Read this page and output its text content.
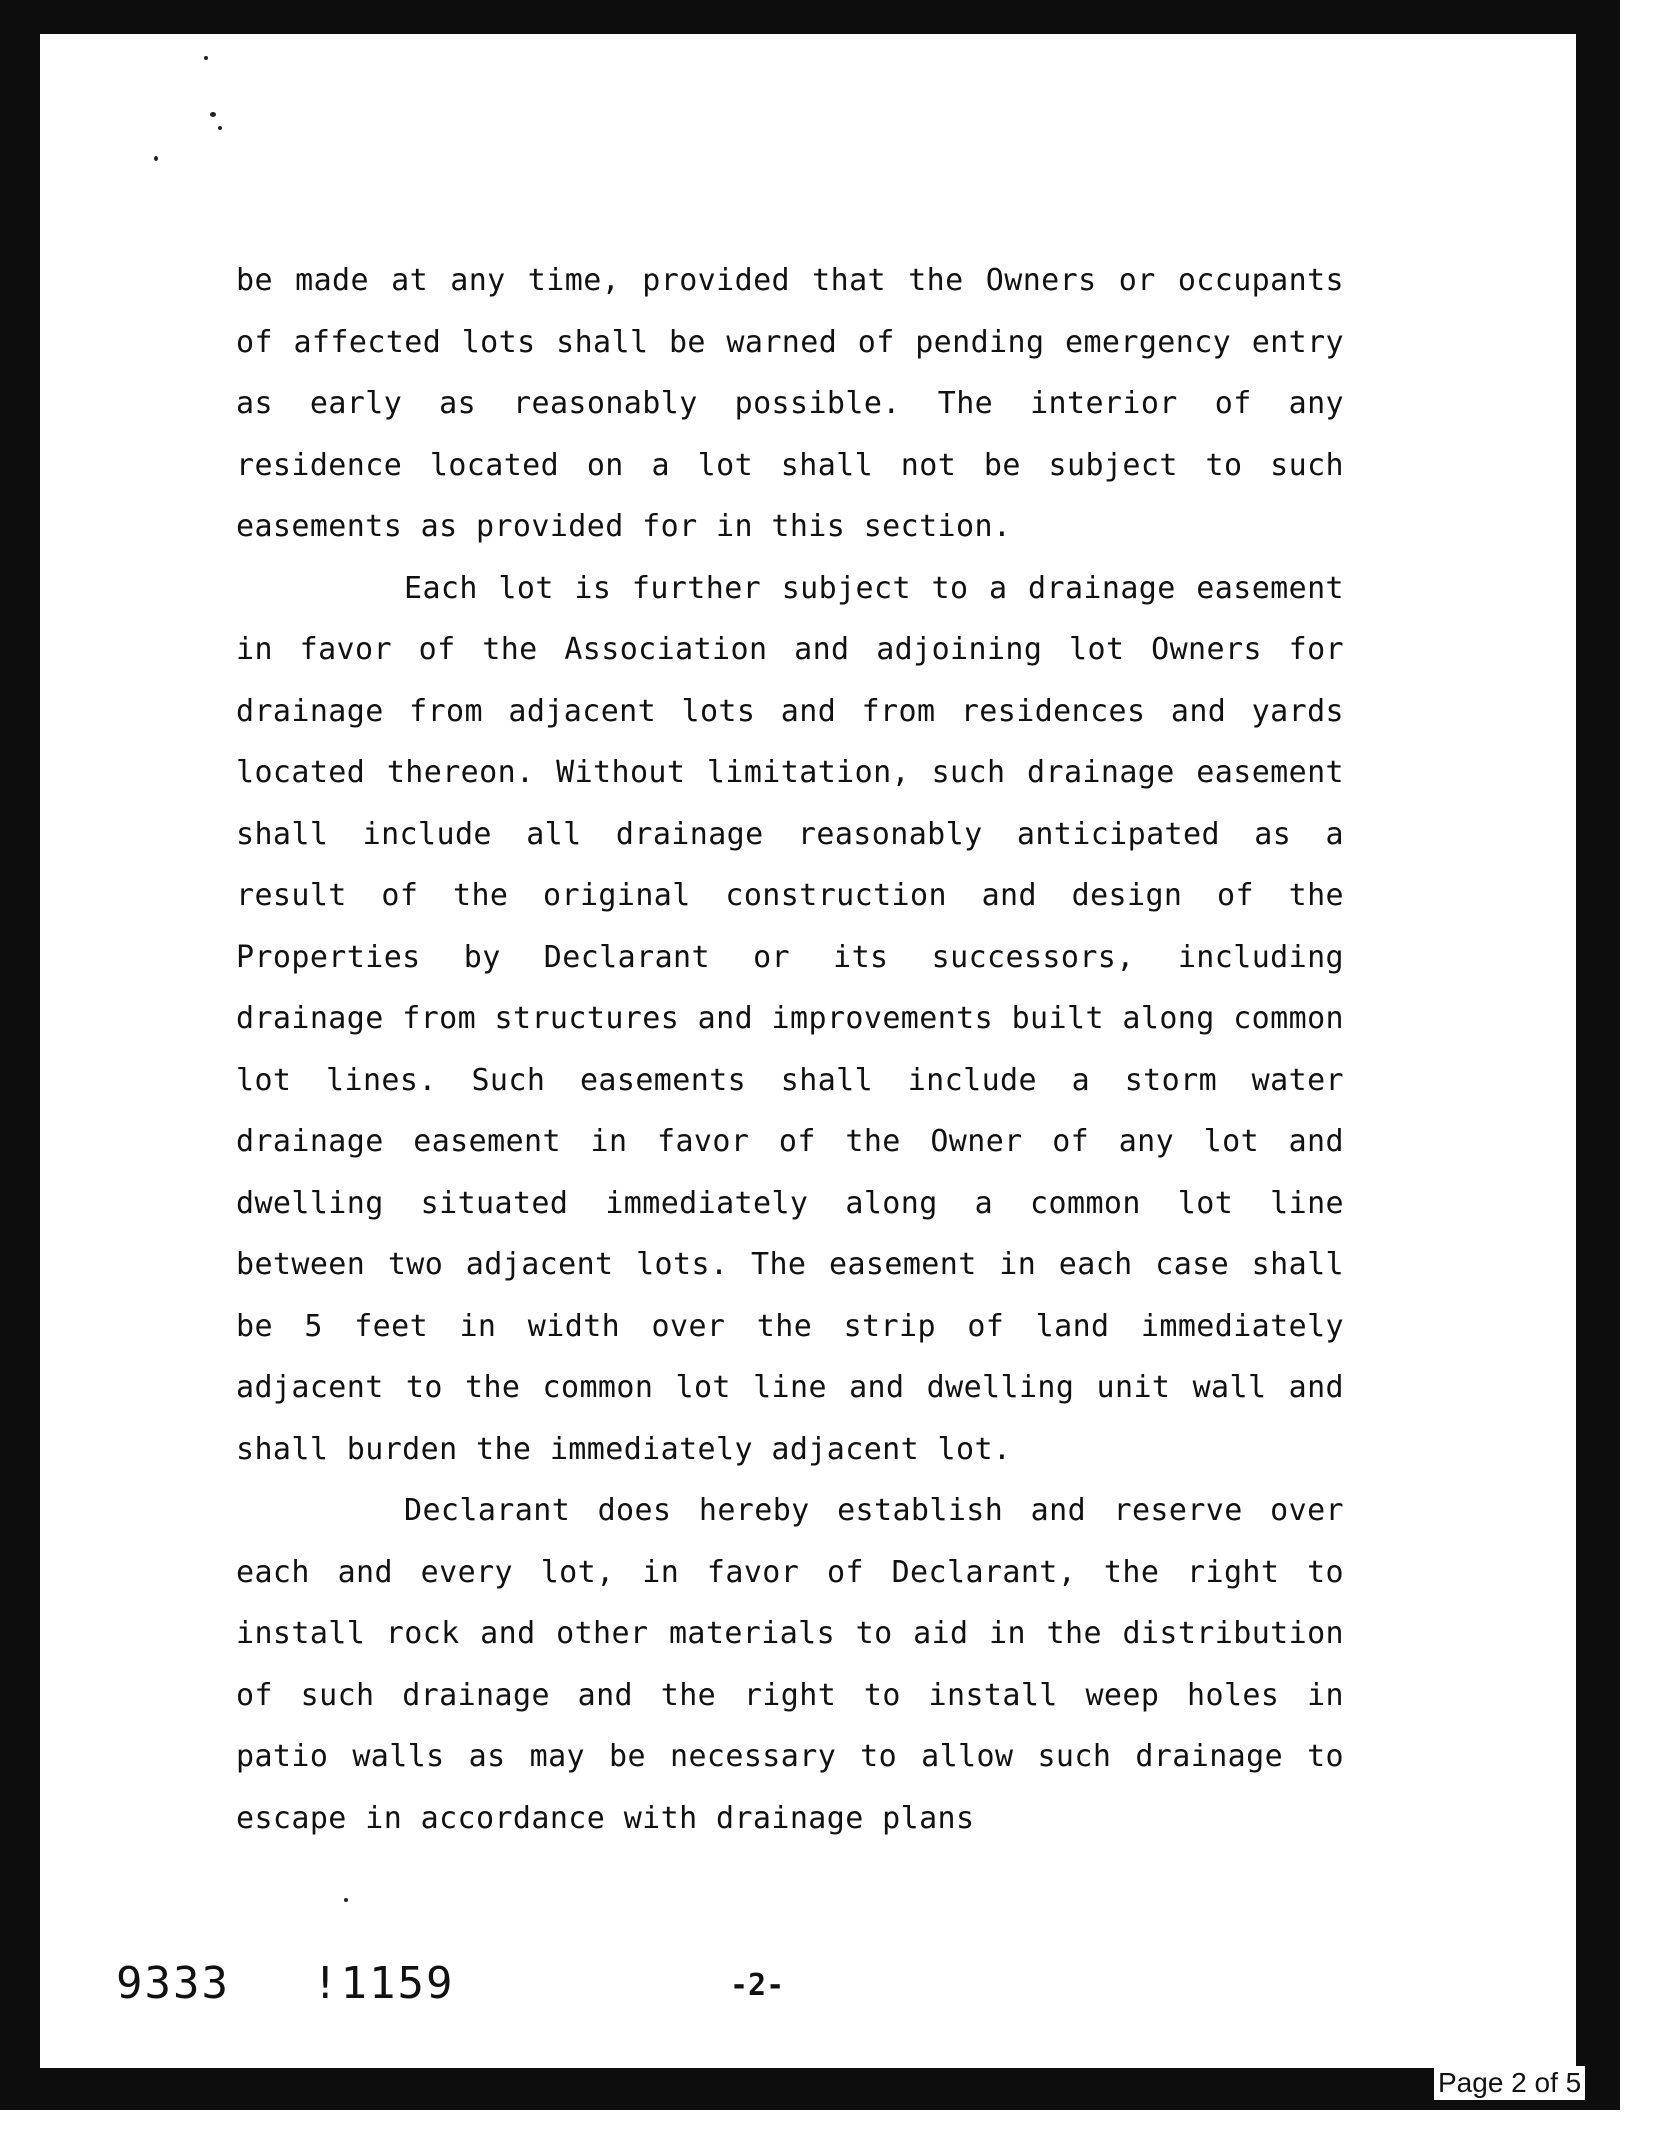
be made at any time, provided that the Owners or occupants of affected lots shall be warned of pending emergency entry as early as reasonably possible. The interior of any residence located on a lot shall not be subject to such easements as provided for in this section.

Each lot is further subject to a drainage easement in favor of the Association and adjoining lot Owners for drainage from adjacent lots and from residences and yards located thereon. Without limitation, such drainage easement shall include all drainage reasonably anticipated as a result of the original construction and design of the Properties by Declarant or its successors, including drainage from structures and improvements built along common lot lines. Such easements shall include a storm water drainage easement in favor of the Owner of any lot and dwelling situated immediately along a common lot line between two adjacent lots. The easement in each case shall be 5 feet in width over the strip of land immediately adjacent to the common lot line and dwelling unit wall and shall burden the immediately adjacent lot.

Declarant does hereby establish and reserve over each and every lot, in favor of Declarant, the right to install rock and other materials to aid in the distribution of such drainage and the right to install weep holes in patio walls as may be necessary to allow such drainage to escape in accordance with drainage plans

9333 !1159	-2-
Page 2 of 5
